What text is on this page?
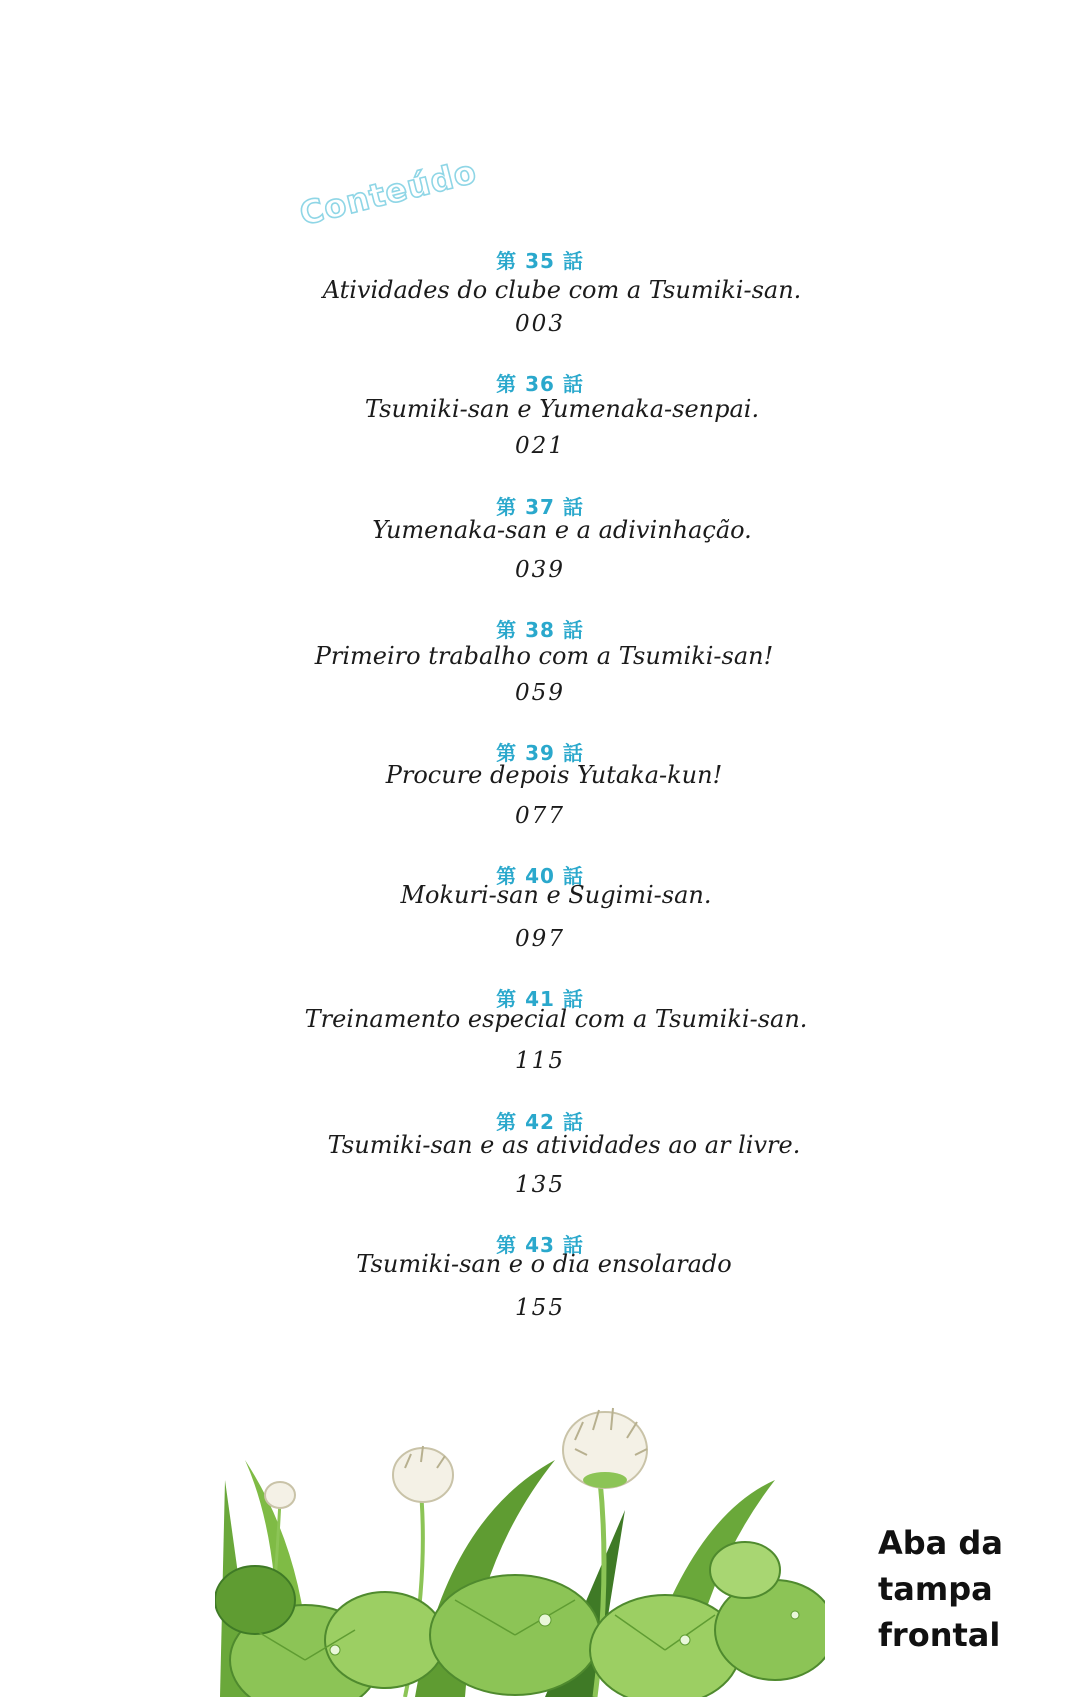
Conteúdo
第 35 話
Atividades do clube com a Tsumiki-san.
003
第 36 話
Tsumiki-san e Yumenaka-senpai.
021
第 37 話
Yumenaka-san e a adivinhação.
039
第 38 話
Primeiro trabalho com a Tsumiki-san!
059
第 39 話
Procure depois Yutaka-kun!
077
第 40 話
Mokuri-san e Sugimi-san.
097
第 41 話
Treinamento especial com a Tsumiki-san.
115
第 42 話
Tsumiki-san e as atividades ao ar livre.
135
第 43 話
Tsumiki-san e o dia ensolarado
155
Aba da
tampa
frontal
